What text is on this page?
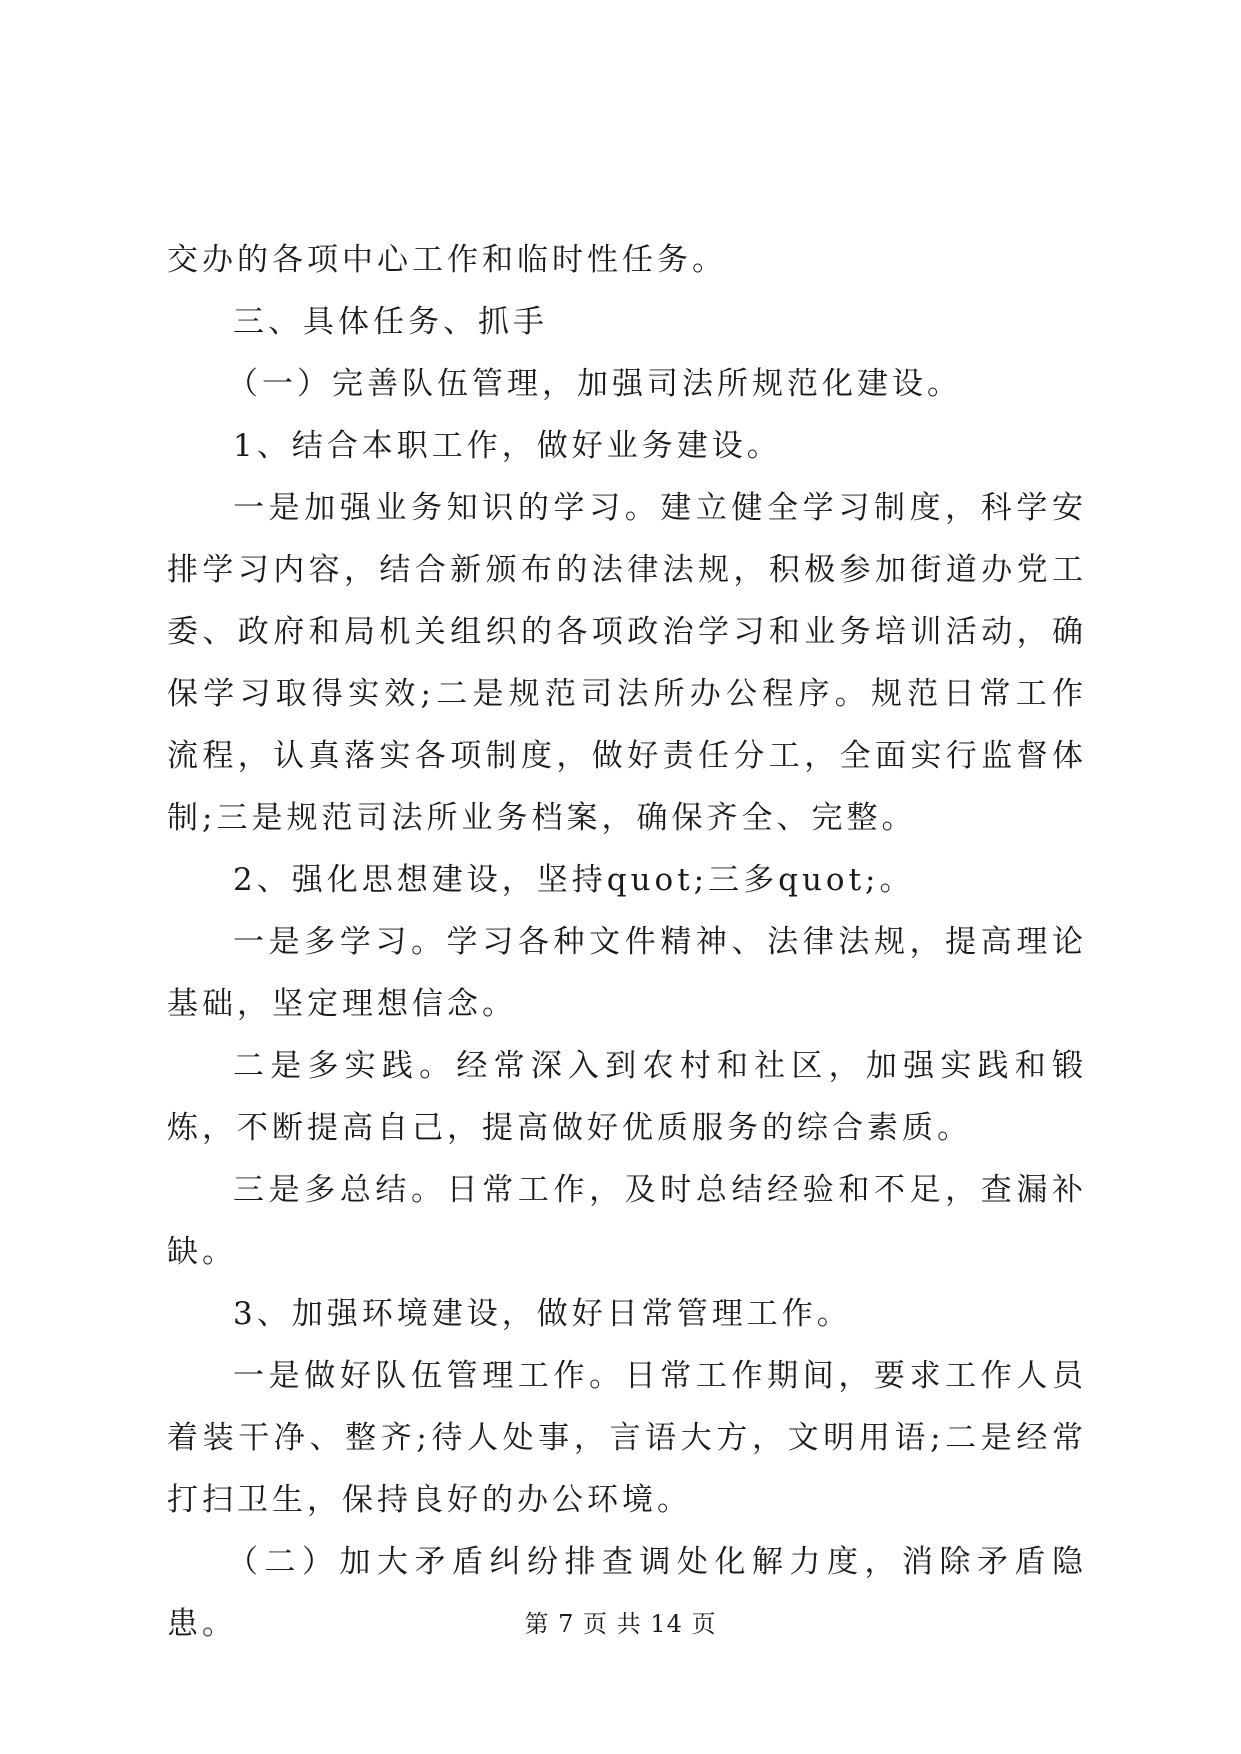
交办的各项中心工作和临时性任务。

三、具体任务、抓手

（一）完善队伍管理，加强司法所规范化建设。

1、结合本职工作，做好业务建设。

一是加强业务知识的学习。建立健全学习制度，科学安排学习内容，结合新颁布的法律法规，积极参加街道办党工委、政府和局机关组织的各项政治学习和业务培训活动，确保学习取得实效;二是规范司法所办公程序。规范日常工作流程，认真落实各项制度，做好责任分工，全面实行监督体制;三是规范司法所业务档案，确保齐全、完整。

2、强化思想建设，坚持quot;三多quot;。

一是多学习。学习各种文件精神、法律法规，提高理论基础，坚定理想信念。

二是多实践。经常深入到农村和社区，加强实践和锻炼，不断提高自己，提高做好优质服务的综合素质。

三是多总结。日常工作，及时总结经验和不足，查漏补缺。

3、加强环境建设，做好日常管理工作。

一是做好队伍管理工作。日常工作期间，要求工作人员着装干净、整齐;待人处事，言语大方，文明用语;二是经常打扫卫生，保持良好的办公环境。

（二）加大矛盾纠纷排查调处化解力度，消除矛盾隐患。	第 7 页 共 14 页
